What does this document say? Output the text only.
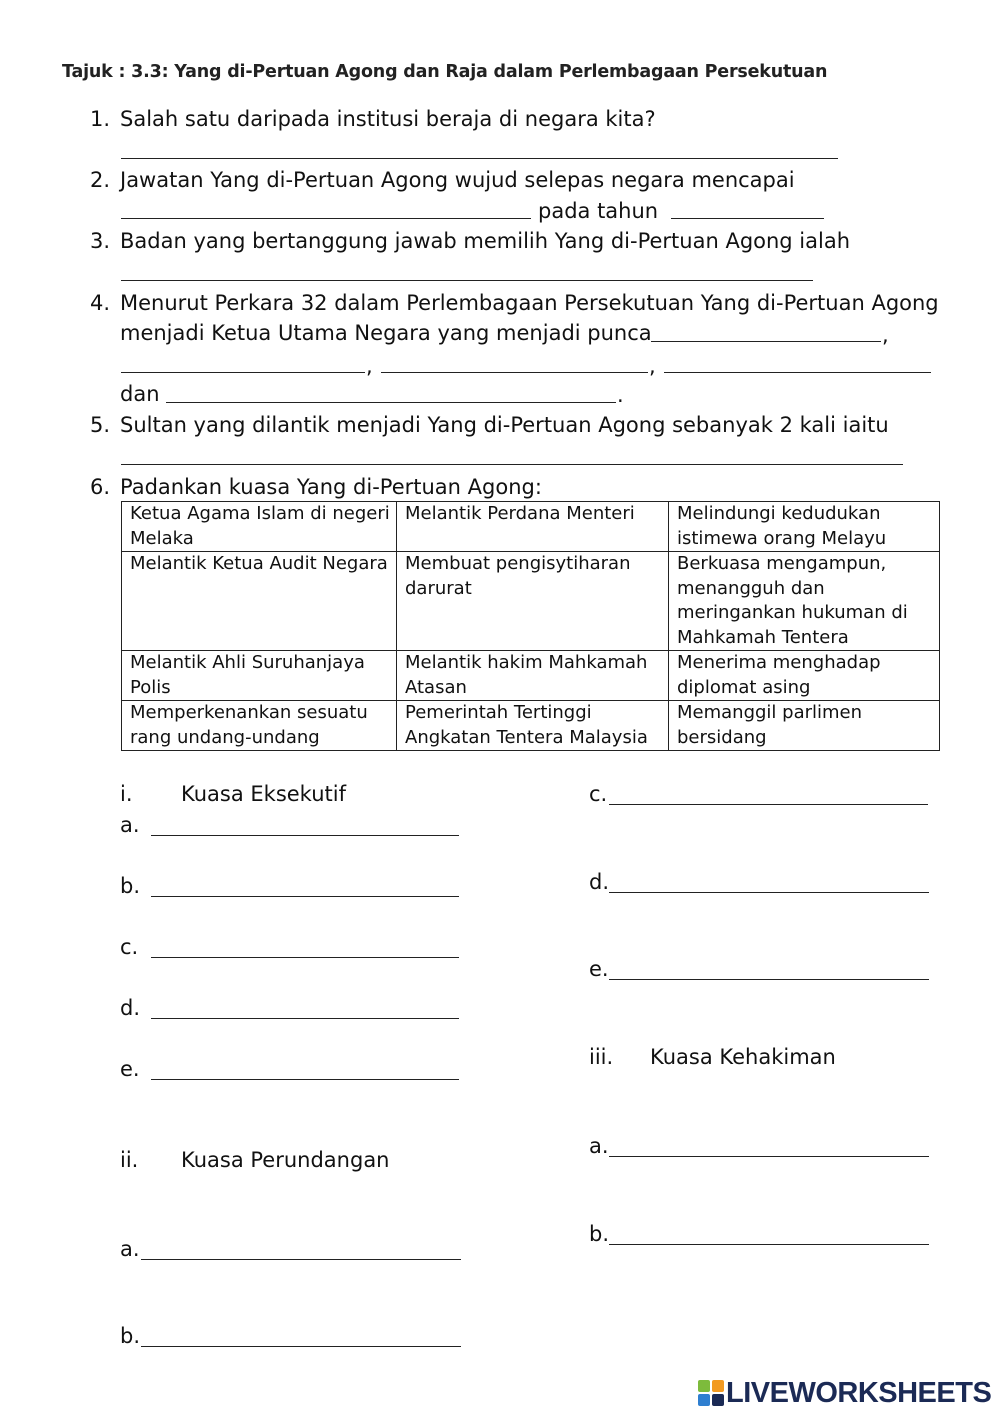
Tajuk : 3.3: Yang di-Pertuan Agong dan Raja dalam Perlembagaan Persekutuan
1. Salah satu daripada institusi beraja di negara kita?
2. Jawatan Yang di-Pertuan Agong wujud selepas negara mencapai
pada tahun
3. Badan yang bertanggung jawab memilih Yang di-Pertuan Agong ialah
4. Menurut Perkara 32 dalam Perlembagaan Persekutuan Yang di-Pertuan Agong
menjadi Ketua Utama Negara yang menjadi punca	,
,	,
dan	.
5. Sultan yang dilantik menjadi Yang di-Pertuan Agong sebanyak 2 kali iaitu
6. Padankan kuasa Yang di-Pertuan Agong:
Ketua Agama Islam di negeri Melaka	Melantik Perdana Menteri	Melindungi kedudukan istimewa orang Melayu
Melantik Ketua Audit Negara	Membuat pengisytiharan darurat	Berkuasa mengampun, menangguh dan meringankan hukuman di Mahkamah Tentera
Melantik Ahli Suruhanjaya Polis	Melantik hakim Mahkamah Atasan	Menerima menghadap diplomat asing
Memperkenankan sesuatu rang undang-undang	Pemerintah Tertinggi Angkatan Tentera Malaysia	Memanggil parlimen bersidang
i. Kuasa Eksekutif
a.
b.
c.
d.
e.
c.
d.
e.
iii. Kuasa Kehakiman
a.
b.
ii. Kuasa Perundangan
a.
b.
LIVEWORKSHEETS
